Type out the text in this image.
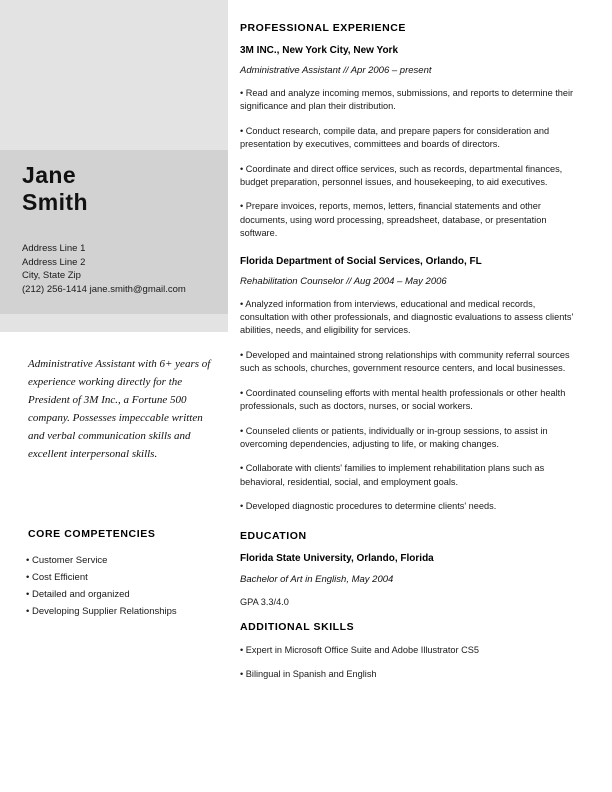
Jane
Smith
Address Line 1
Address Line 2
City, State Zip
(212) 256-1414 jane.smith@gmail.com
Administrative Assistant with 6+ years of experience working directly for the President of 3M Inc., a Fortune 500 company. Possesses impeccable written and verbal communication skills and excellent interpersonal skills.
CORE COMPETENCIES
• Customer Service
• Cost Efficient
• Detailed and organized
• Developing Supplier Relationships
PROFESSIONAL EXPERIENCE
3M INC., New York City, New York
Administrative Assistant // Apr 2006 – present
• Read and analyze incoming memos, submissions, and reports to determine their significance and plan their distribution.
• Conduct research, compile data, and prepare papers for consideration and presentation by executives, committees and boards of directors.
• Coordinate and direct office services, such as records, departmental finances, budget preparation, personnel issues, and housekeeping, to aid executives.
• Prepare invoices, reports, memos, letters, financial statements and other documents, using word processing, spreadsheet, database, or presentation software.
Florida Department of Social Services, Orlando, FL
Rehabilitation Counselor // Aug 2004 – May 2006
• Analyzed information from interviews, educational and medical records, consultation with other professionals, and diagnostic evaluations to assess clients' abilities, needs, and eligibility for services.
• Developed and maintained strong relationships with community referral sources such as schools, churches, government resource centers, and local businesses.
• Coordinated counseling efforts with mental health professionals or other health professionals, such as doctors, nurses, or social workers.
• Counseled clients or patients, individually or in-group sessions, to assist in overcoming dependencies, adjusting to life, or making changes.
• Collaborate with clients' families to implement rehabilitation plans such as behavioral, residential, social, and employment goals.
• Developed diagnostic procedures to determine clients' needs.
EDUCATION
Florida State University, Orlando, Florida
Bachelor of Art in English, May 2004
GPA 3.3/4.0
ADDITIONAL SKILLS
• Expert in Microsoft Office Suite and Adobe Illustrator CS5
• Bilingual in Spanish and English
